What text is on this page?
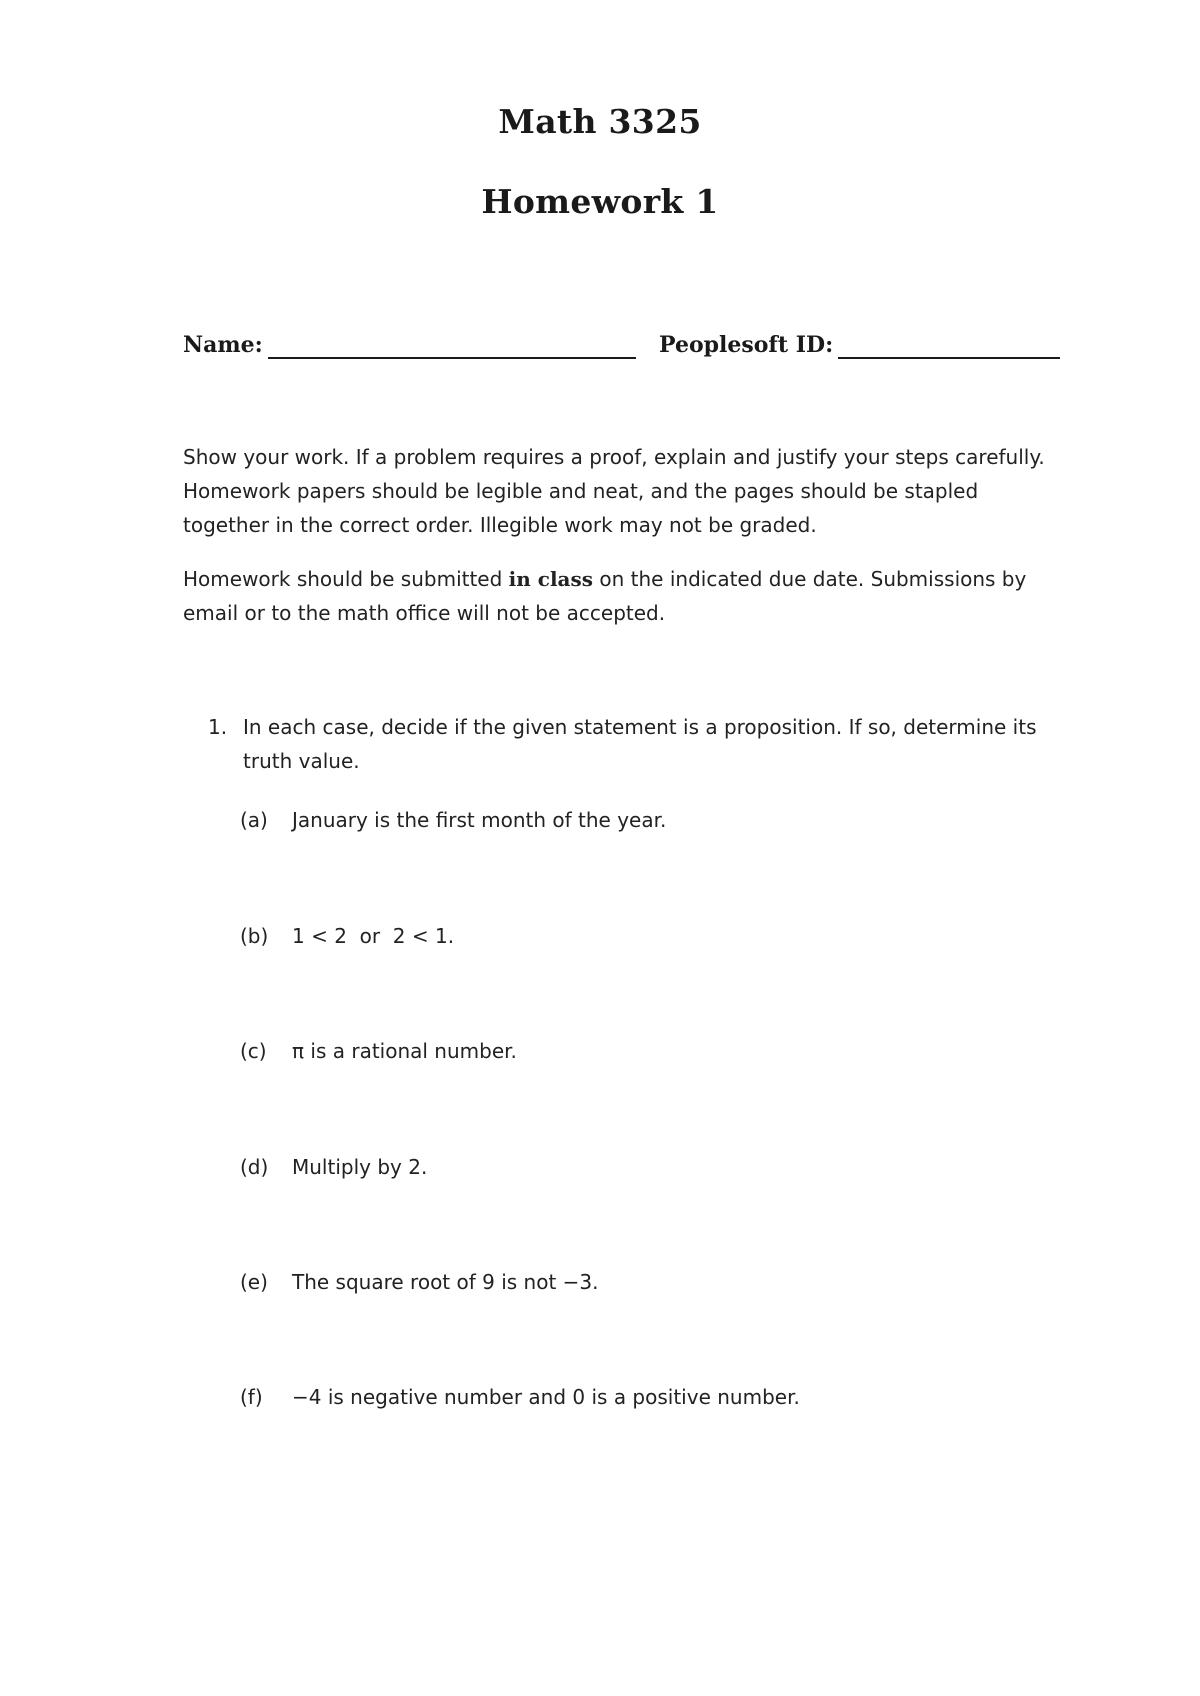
Math 3325
Homework 1
Name:	Peoplesoft ID:
Show your work. If a problem requires a proof, explain and justify your steps carefully. Homework papers should be legible and neat, and the pages should be stapled together in the correct order. Illegible work may not be graded.
Homework should be submitted in class on the indicated due date. Submissions by email or to the math office will not be accepted.
1. In each case, decide if the given statement is a proposition. If so, determine its truth value.
(a) January is the first month of the year.
(b) 1 < 2  or  2 < 1.
(c) π is a rational number.
(d) Multiply by 2.
(e) The square root of 9 is not −3.
(f) −4 is negative number and 0 is a positive number.
